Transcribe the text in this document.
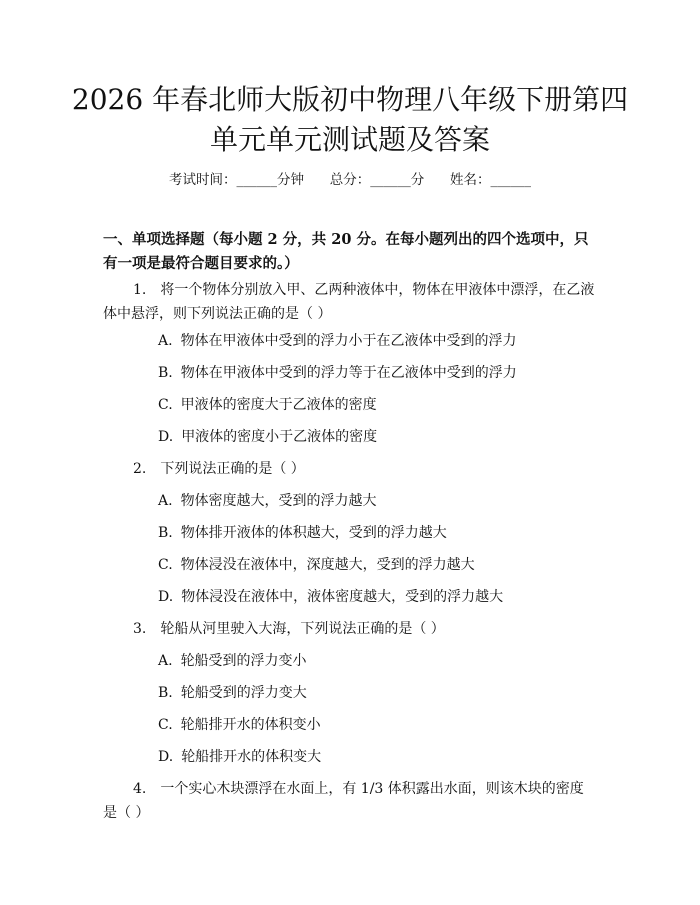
2026 年春北师大版初中物理八年级下册第四
单元单元测试题及答案
考试时间：______分钟      总分：______分      姓名：______
一、单项选择题（每小题 2 分，共 20 分。在每小题列出的四个选项中，只有一项是最符合题目要求的。）
1. 将一个物体分别放入甲、乙两种液体中，物体在甲液体中漂浮，在乙液体中悬浮，则下列说法正确的是（ ）
A. 物体在甲液体中受到的浮力小于在乙液体中受到的浮力
B. 物体在甲液体中受到的浮力等于在乙液体中受到的浮力
C. 甲液体的密度大于乙液体的密度
D. 甲液体的密度小于乙液体的密度
2. 下列说法正确的是（ ）
A. 物体密度越大，受到的浮力越大
B. 物体排开液体的体积越大，受到的浮力越大
C. 物体浸没在液体中，深度越大，受到的浮力越大
D. 物体浸没在液体中，液体密度越大，受到的浮力越大
3. 轮船从河里驶入大海，下列说法正确的是（ ）
A. 轮船受到的浮力变小
B. 轮船受到的浮力变大
C. 轮船排开水的体积变小
D. 轮船排开水的体积变大
4. 一个实心木块漂浮在水面上，有 1/3 体积露出水面，则该木块的密度是（ ）
